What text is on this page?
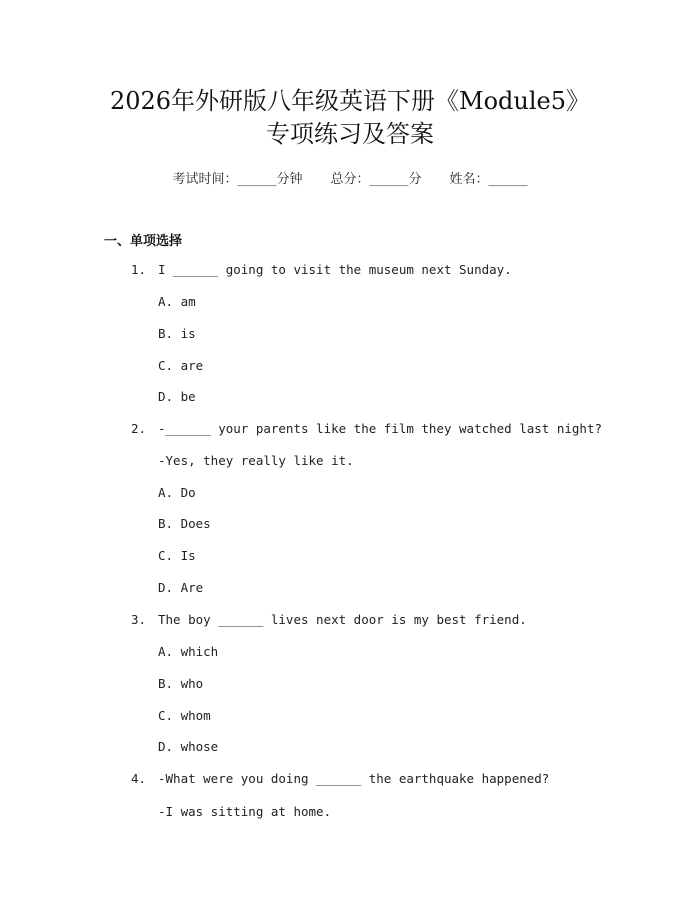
2026年外研版八年级英语下册《Module5》
专项练习及答案
考试时间：______分钟 总分：______分 姓名：______
一、单项选择
1. I ______ going to visit the museum next Sunday.
A. am
B. is
C. are
D. be
2. -______ your parents like the film they watched last night?
-Yes, they really like it.
A. Do
B. Does
C. Is
D. Are
3. The boy ______ lives next door is my best friend.
A. which
B. who
C. whom
D. whose
4. -What were you doing ______ the earthquake happened?
-I was sitting at home.
